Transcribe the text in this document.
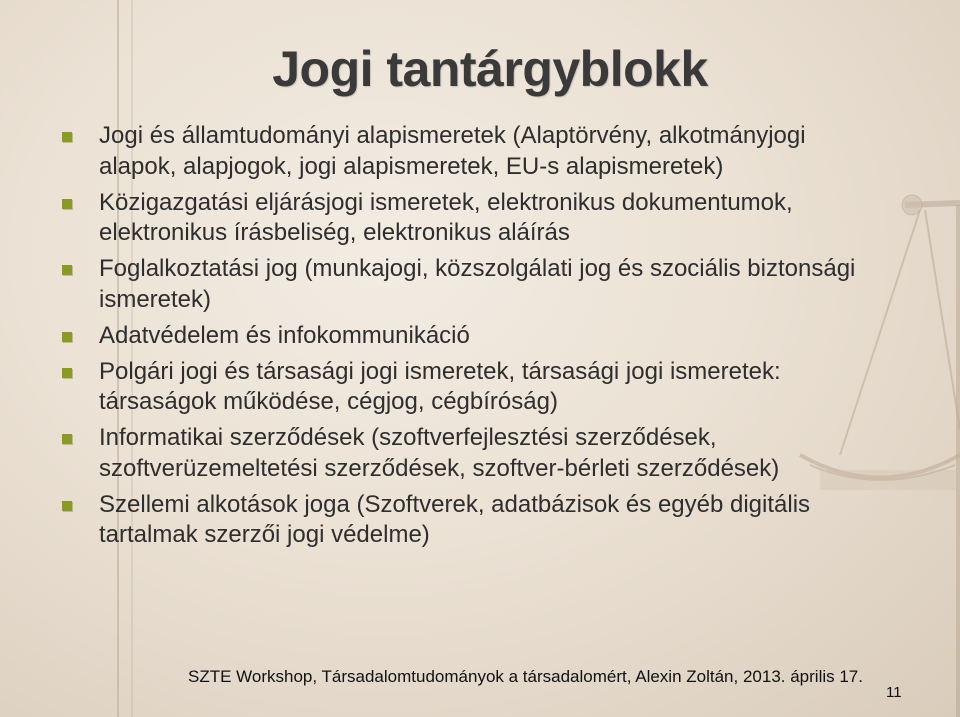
Jogi tantárgyblokk
Jogi és államtudományi alapismeretek (Alaptörvény, alkotmányjogi alapok, alapjogok, jogi alapismeretek, EU-s alapismeretek)
Közigazgatási eljárásjogi ismeretek, elektronikus dokumentumok, elektronikus írásbeliség, elektronikus aláírás
Foglalkoztatási jog (munkajogi, közszolgálati jog és szociális biztonsági ismeretek)
Adatvédelem és infokommunikáció
Polgári jogi és társasági jogi ismeretek, társasági jogi ismeretek: társaságok működése, cégjog, cégbíróság)
Informatikai szerződések (szoftverfejlesztési szerződések, szoftverüzemeltetési szerződések, szoftver-bérleti szerződések)
Szellemi alkotások joga (Szoftverek, adatbázisok és egyéb digitális tartalmak szerzői jogi védelme)
SZTE Workshop, Társadalomtudományok a társadalomért, Alexin Zoltán, 2013. április 17.
11
